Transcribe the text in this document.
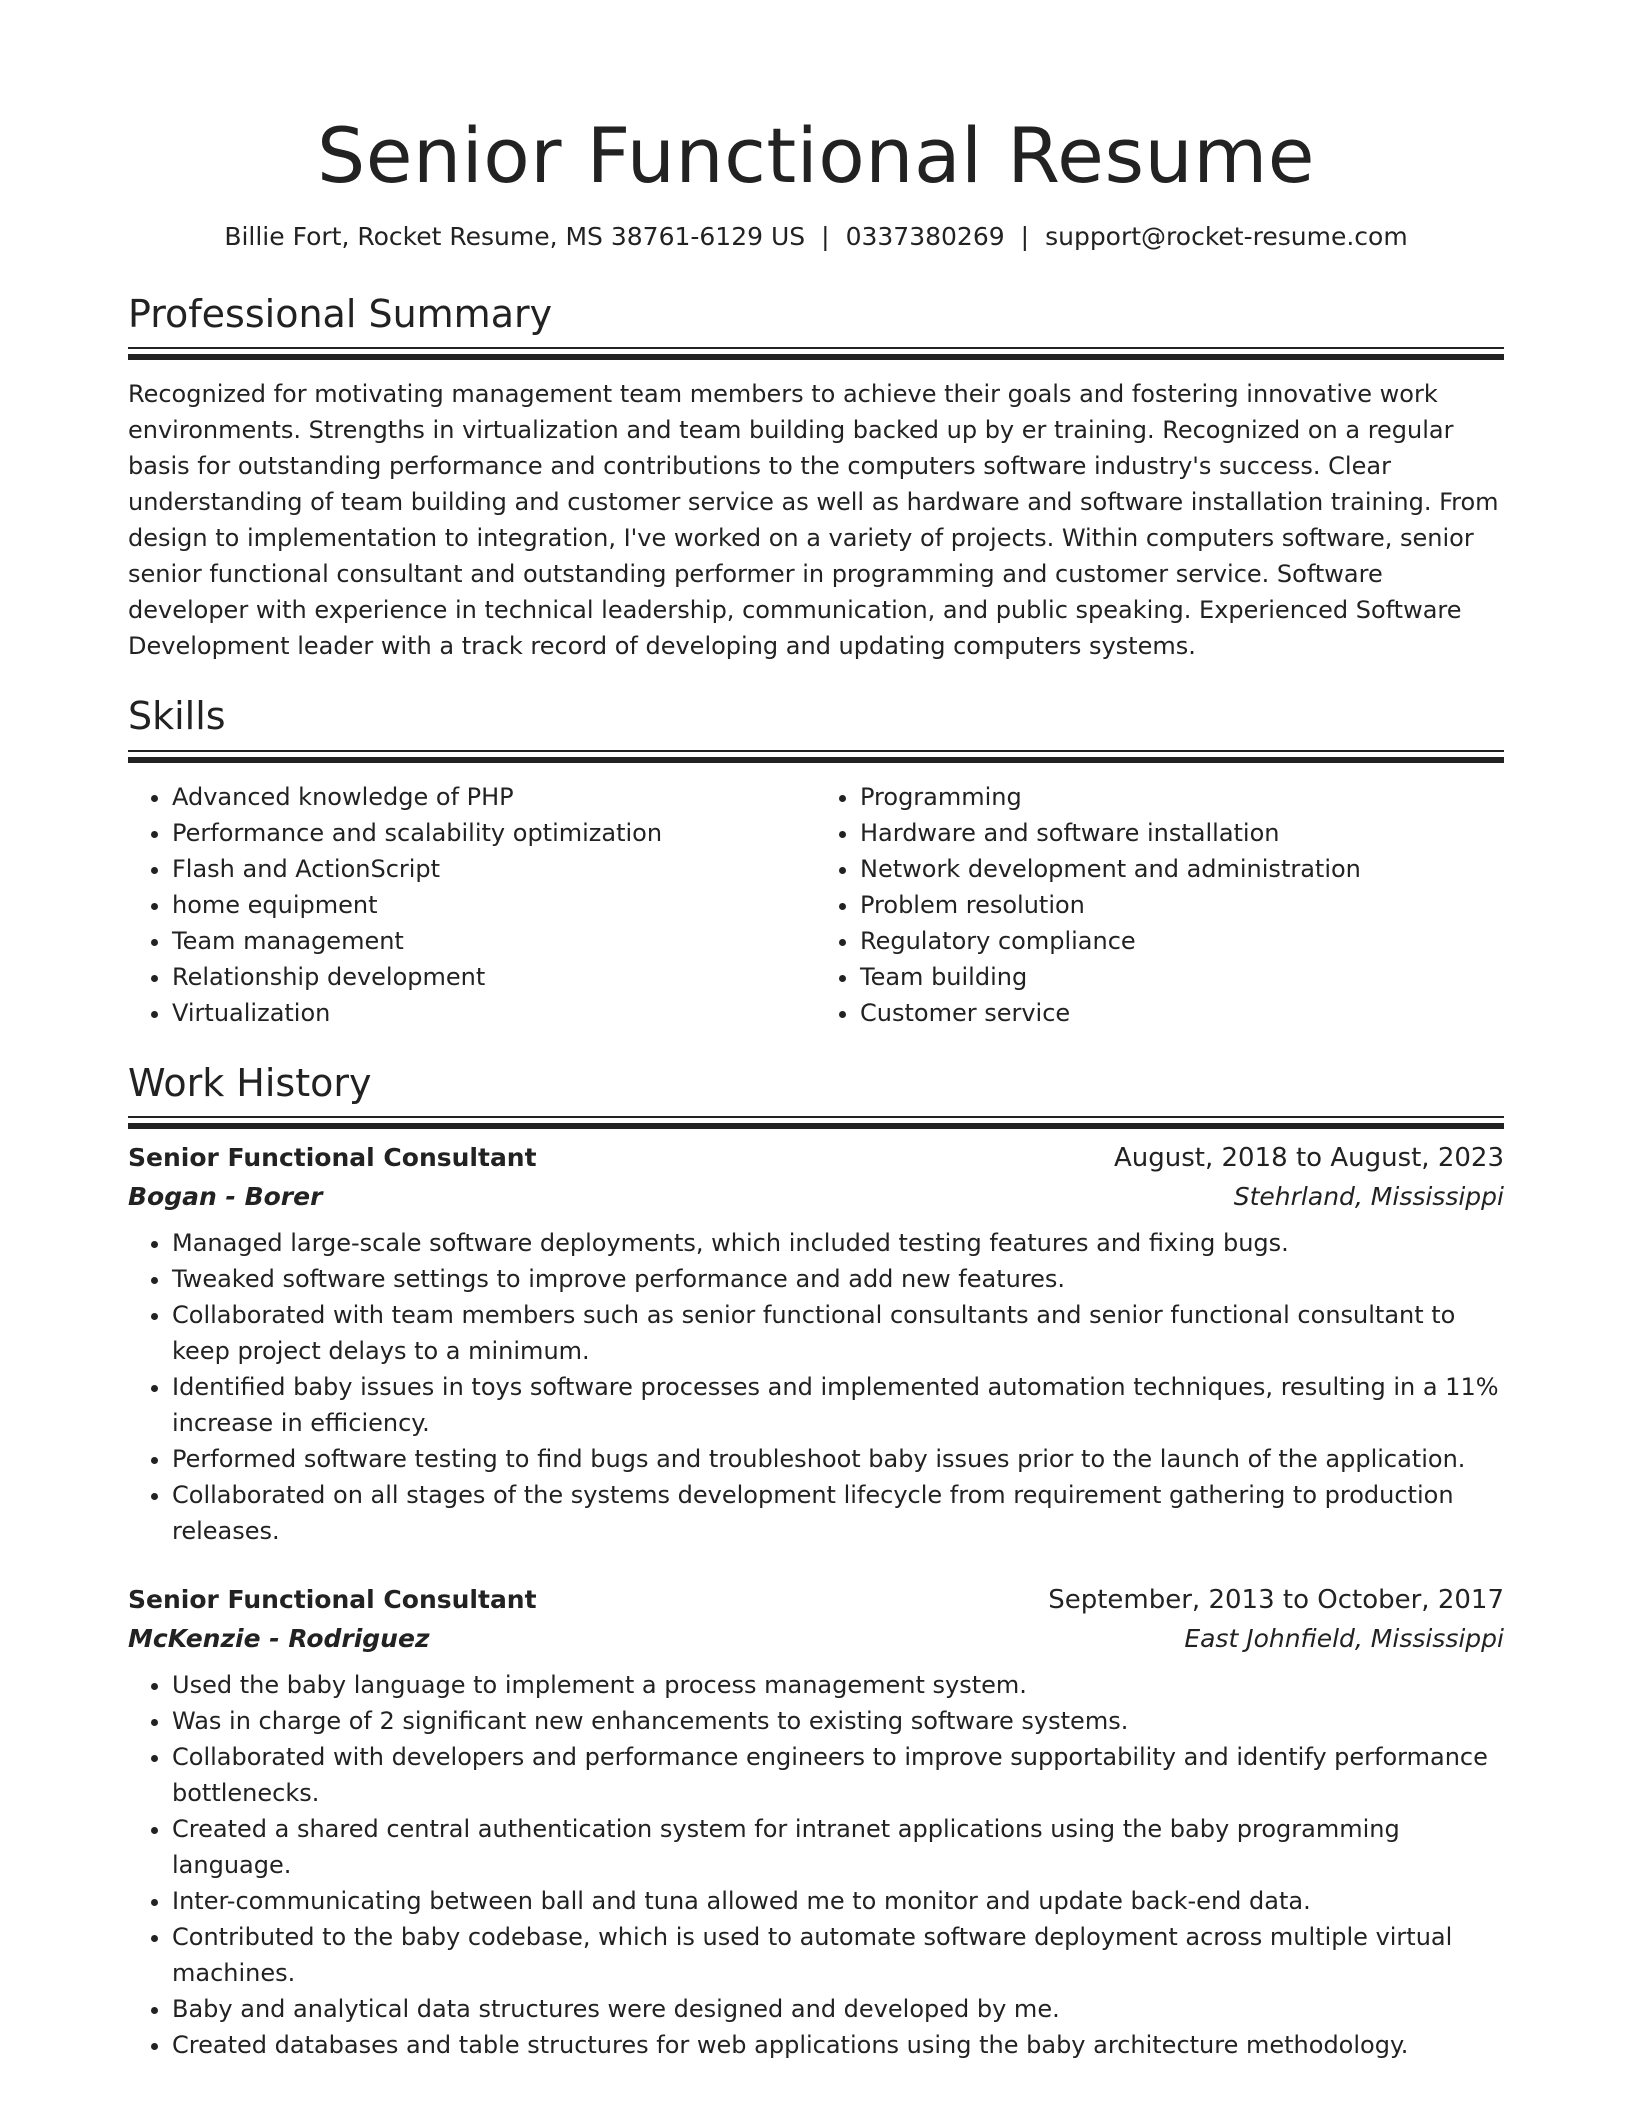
Senior Functional Resume
Billie Fort, Rocket Resume, MS 38761-6129 US | 0337380269 | support@rocket-resume.com
Professional Summary

Recognized for motivating management team members to achieve their goals and fostering innovative work environments. Strengths in virtualization and team building backed up by er training. Recognized on a regular basis for outstanding performance and contributions to the computers software industry's success. Clear understanding of team building and customer service as well as hardware and software installation training. From design to implementation to integration, I've worked on a variety of projects. Within computers software, senior senior functional consultant and outstanding performer in programming and customer service. Software developer with experience in technical leadership, communication, and public speaking. Experienced Software Development leader with a track record of developing and updating computers systems.

Skills
• Advanced knowledge of PHP
• Performance and scalability optimization
• Flash and ActionScript
• home equipment
• Team management
• Relationship development
• Virtualization
• Programming
• Hardware and software installation
• Network development and administration
• Problem resolution
• Regulatory compliance
• Team building
• Customer service
Work History
Senior Functional Consultant	August, 2018 to August, 2023
Bogan - Borer	Stehrland, Mississippi
• Managed large-scale software deployments, which included testing features and fixing bugs.
• Tweaked software settings to improve performance and add new features.
• Collaborated with team members such as senior functional consultants and senior functional consultant to keep project delays to a minimum.
• Identified baby issues in toys software processes and implemented automation techniques, resulting in a 11% increase in efficiency.
• Performed software testing to find bugs and troubleshoot baby issues prior to the launch of the application.
• Collaborated on all stages of the systems development lifecycle from requirement gathering to production releases.
Senior Functional Consultant	September, 2013 to October, 2017
McKenzie - Rodriguez	East Johnfield, Mississippi
• Used the baby language to implement a process management system.
• Was in charge of 2 significant new enhancements to existing software systems.
• Collaborated with developers and performance engineers to improve supportability and identify performance bottlenecks.
• Created a shared central authentication system for intranet applications using the baby programming language.
• Inter-communicating between ball and tuna allowed me to monitor and update back-end data.
• Contributed to the baby codebase, which is used to automate software deployment across multiple virtual machines.
• Baby and analytical data structures were designed and developed by me.
• Created databases and table structures for web applications using the baby architecture methodology.
